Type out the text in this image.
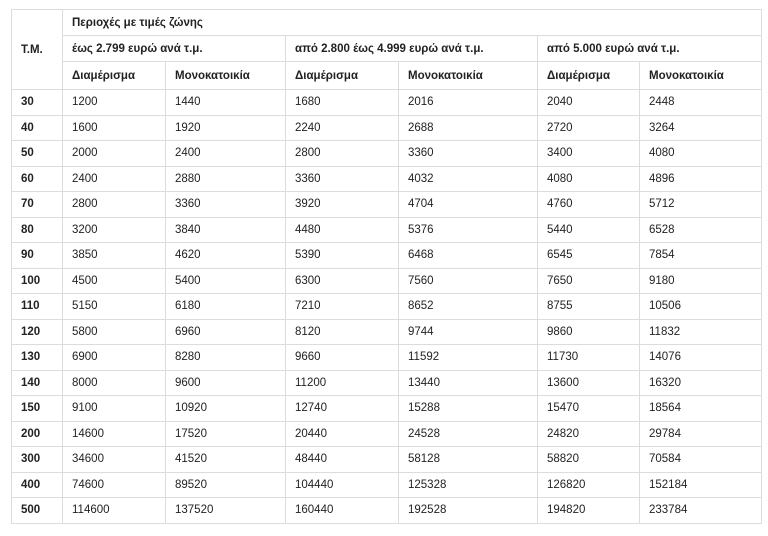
Τ.Μ.	Περιοχές με τιμές ζώνης					
	έως 2.799 ευρώ ανά τ.μ.		από 2.800 έως 4.999 ευρώ ανά τ.μ.		από 5.000 ευρώ ανά τ.μ.	
	Διαμέρισμα	Μονοκατοικία	Διαμέρισμα	Μονοκατοικία	Διαμέρισμα	Μονοκατοικία
30	1200	1440	1680	2016	2040	2448
40	1600	1920	2240	2688	2720	3264
50	2000	2400	2800	3360	3400	4080
60	2400	2880	3360	4032	4080	4896
70	2800	3360	3920	4704	4760	5712
80	3200	3840	4480	5376	5440	6528
90	3850	4620	5390	6468	6545	7854
100	4500	5400	6300	7560	7650	9180
110	5150	6180	7210	8652	8755	10506
120	5800	6960	8120	9744	9860	11832
130	6900	8280	9660	11592	11730	14076
140	8000	9600	11200	13440	13600	16320
150	9100	10920	12740	15288	15470	18564
200	14600	17520	20440	24528	24820	29784
300	34600	41520	48440	58128	58820	70584
400	74600	89520	104440	125328	126820	152184
500	114600	137520	160440	192528	194820	233784
